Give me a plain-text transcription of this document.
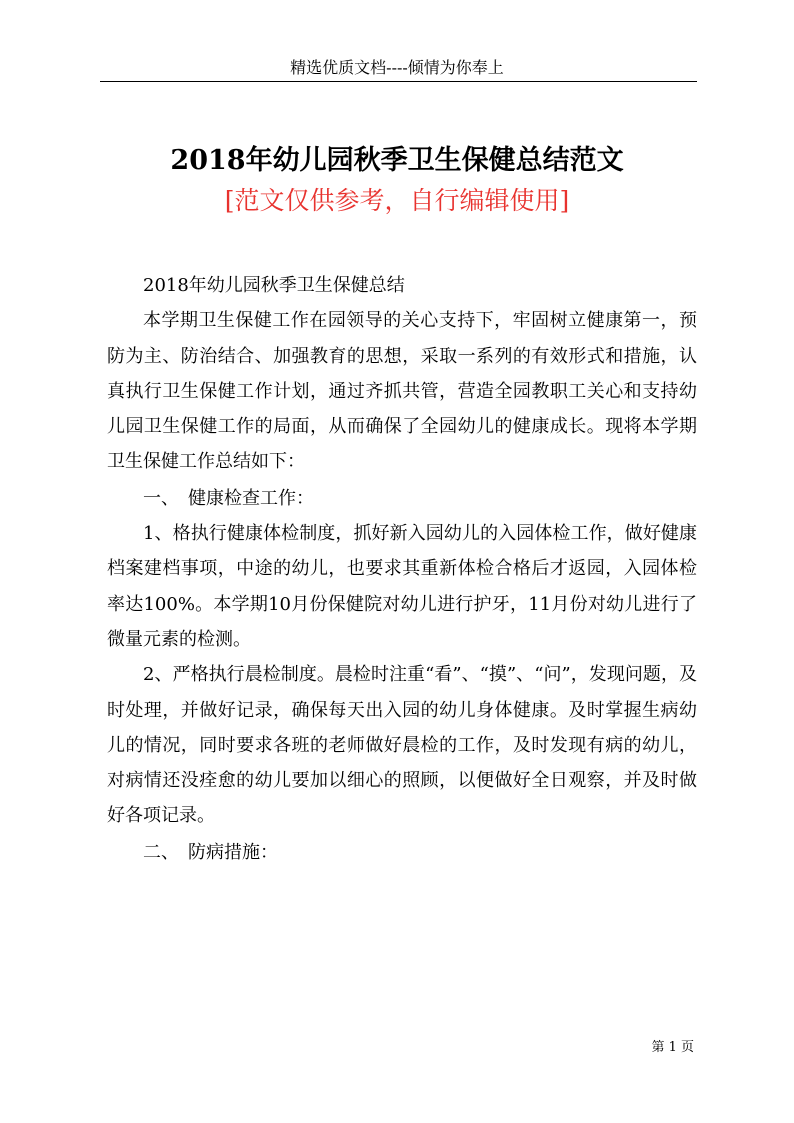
精选优质文档----倾情为你奉上
2018年幼儿园秋季卫生保健总结范文
[范文仅供参考，自行编辑使用]

2018年幼儿园秋季卫生保健总结

本学期卫生保健工作在园领导的关心支持下，牢固树立健康第一，预防为主、防治结合、加强教育的思想，采取一系列的有效形式和措施，认真执行卫生保健工作计划，通过齐抓共管，营造全园教职工关心和支持幼儿园卫生保健工作的局面，从而确保了全园幼儿的健康成长。现将本学期卫生保健工作总结如下：

一、　健康检查工作：

1、格执行健康体检制度，抓好新入园幼儿的入园体检工作，做好健康档案建档事项，中途的幼儿，也要求其重新体检合格后才返园，入园体检率达100%。本学期10月份保健院对幼儿进行护牙，11月份对幼儿进行了微量元素的检测。

2、严格执行晨检制度。晨检时注重“看”、“摸”、“问”，发现问题，及时处理，并做好记录，确保每天出入园的幼儿身体健康。及时掌握生病幼儿的情况，同时要求各班的老师做好晨检的工作，及时发现有病的幼儿，对病情还没痊愈的幼儿要加以细心的照顾，以便做好全日观察，并及时做好各项记录。

二、　防病措施：

第 1 页
